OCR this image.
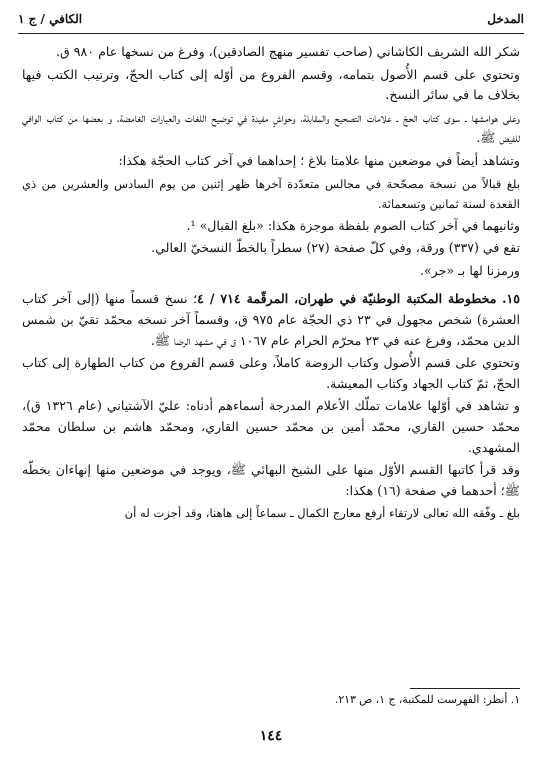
المدخل
الكافي / ج ١

شكر الله الشريف الكاشاني (صاحب تفسير منهج الصادقين)، وفرغ من نسخها عام ٩٨٠ ق.

وتحتوي على قسم الأُصول بتمامه، وقسم الفروع من أوّله إلى كتاب الحجّ، وترتيب الكتب فيها بخلاف ما في سائر النسخ.

وعلى هوامشها ـ سوى كتاب الحجّ ـ علامات التصحيح والمقابلة، وحواشٍ مفيدة في توضيح اللغات والعبارات الغامضة، و بعضها من كتاب الوافي للفيض ﷺ.

وتشاهد أيضاً في موضعين منها علامتا بلاغ ؛ إحداهما في آخر كتاب الحجّة هكذا:

بلغ قبالاً من نسخة مصحّحة في مجالس متعدّدة آخرها ظهر إثنين من يوم السادس والعشرين من ذي القعدة لسنة ثمانين وتسعمائة.

وثانيهما في آخر كتاب الصوم بلفظة موجزة هكذا: «بلغ القبال» ¹.

تقع في (٣٣٧) ورقة، وفي كلّ صفحة (٢٧) سطراً بالخطّ النسخيّ العالي.

ورمزنا لها بـ «جر».

١٥. مخطوطة المكتبة الوطنيّة في طهران، المرقّمة ٧١٤ / ٤؛ نسخ قسماً منها (إلى آخر كتاب العشرة) شخص مجهول في ٢٣ ذي الحجّة عام ٩٧٥ ق، وقسماً آخر نسخه محمّد تقيّ بن شمس الدين محمّد، وفرغ عنه في ٢٣ محرّم الحرام عام ١٠٦٧ ق في مشهد الرضا ﷺ.

وتحتوي على قسم الأُصول وكتاب الروضة كاملاً، وعلى قسم الفروع من كتاب الطهارة إلى كتاب الحجّ، ثمّ كتاب الجهاد وكتاب المعيشة.

و تشاهد في أوّلها علامات تملّك الأعلام المدرجة أسماءهم أدناه: عليّ الآشتياني (عام ١٣٢٦ ق)، محمّد حسين القاري، محمّد أمين بن محمّد حسين القاري، ومحمّد هاشم بن سلطان محمّد المشهدي.

وقد قرأ كاتبها القسم الأوّل منها على الشيخ البهائي ﷺ، ويوجد في موضعين منها إنهاءان بخطّه ﷺ؛ أحدهما في صفحة (١٦) هكذا:

بلغ ـ وفّقه الله تعالى لارتقاء أرفع معارج الكمال ـ سماعاً إلى هاهنا، وقد أجزت له أن

١. أنظر: الفهرست للمكتبة، ج ١، ص ٢١٣.
١٤٤
